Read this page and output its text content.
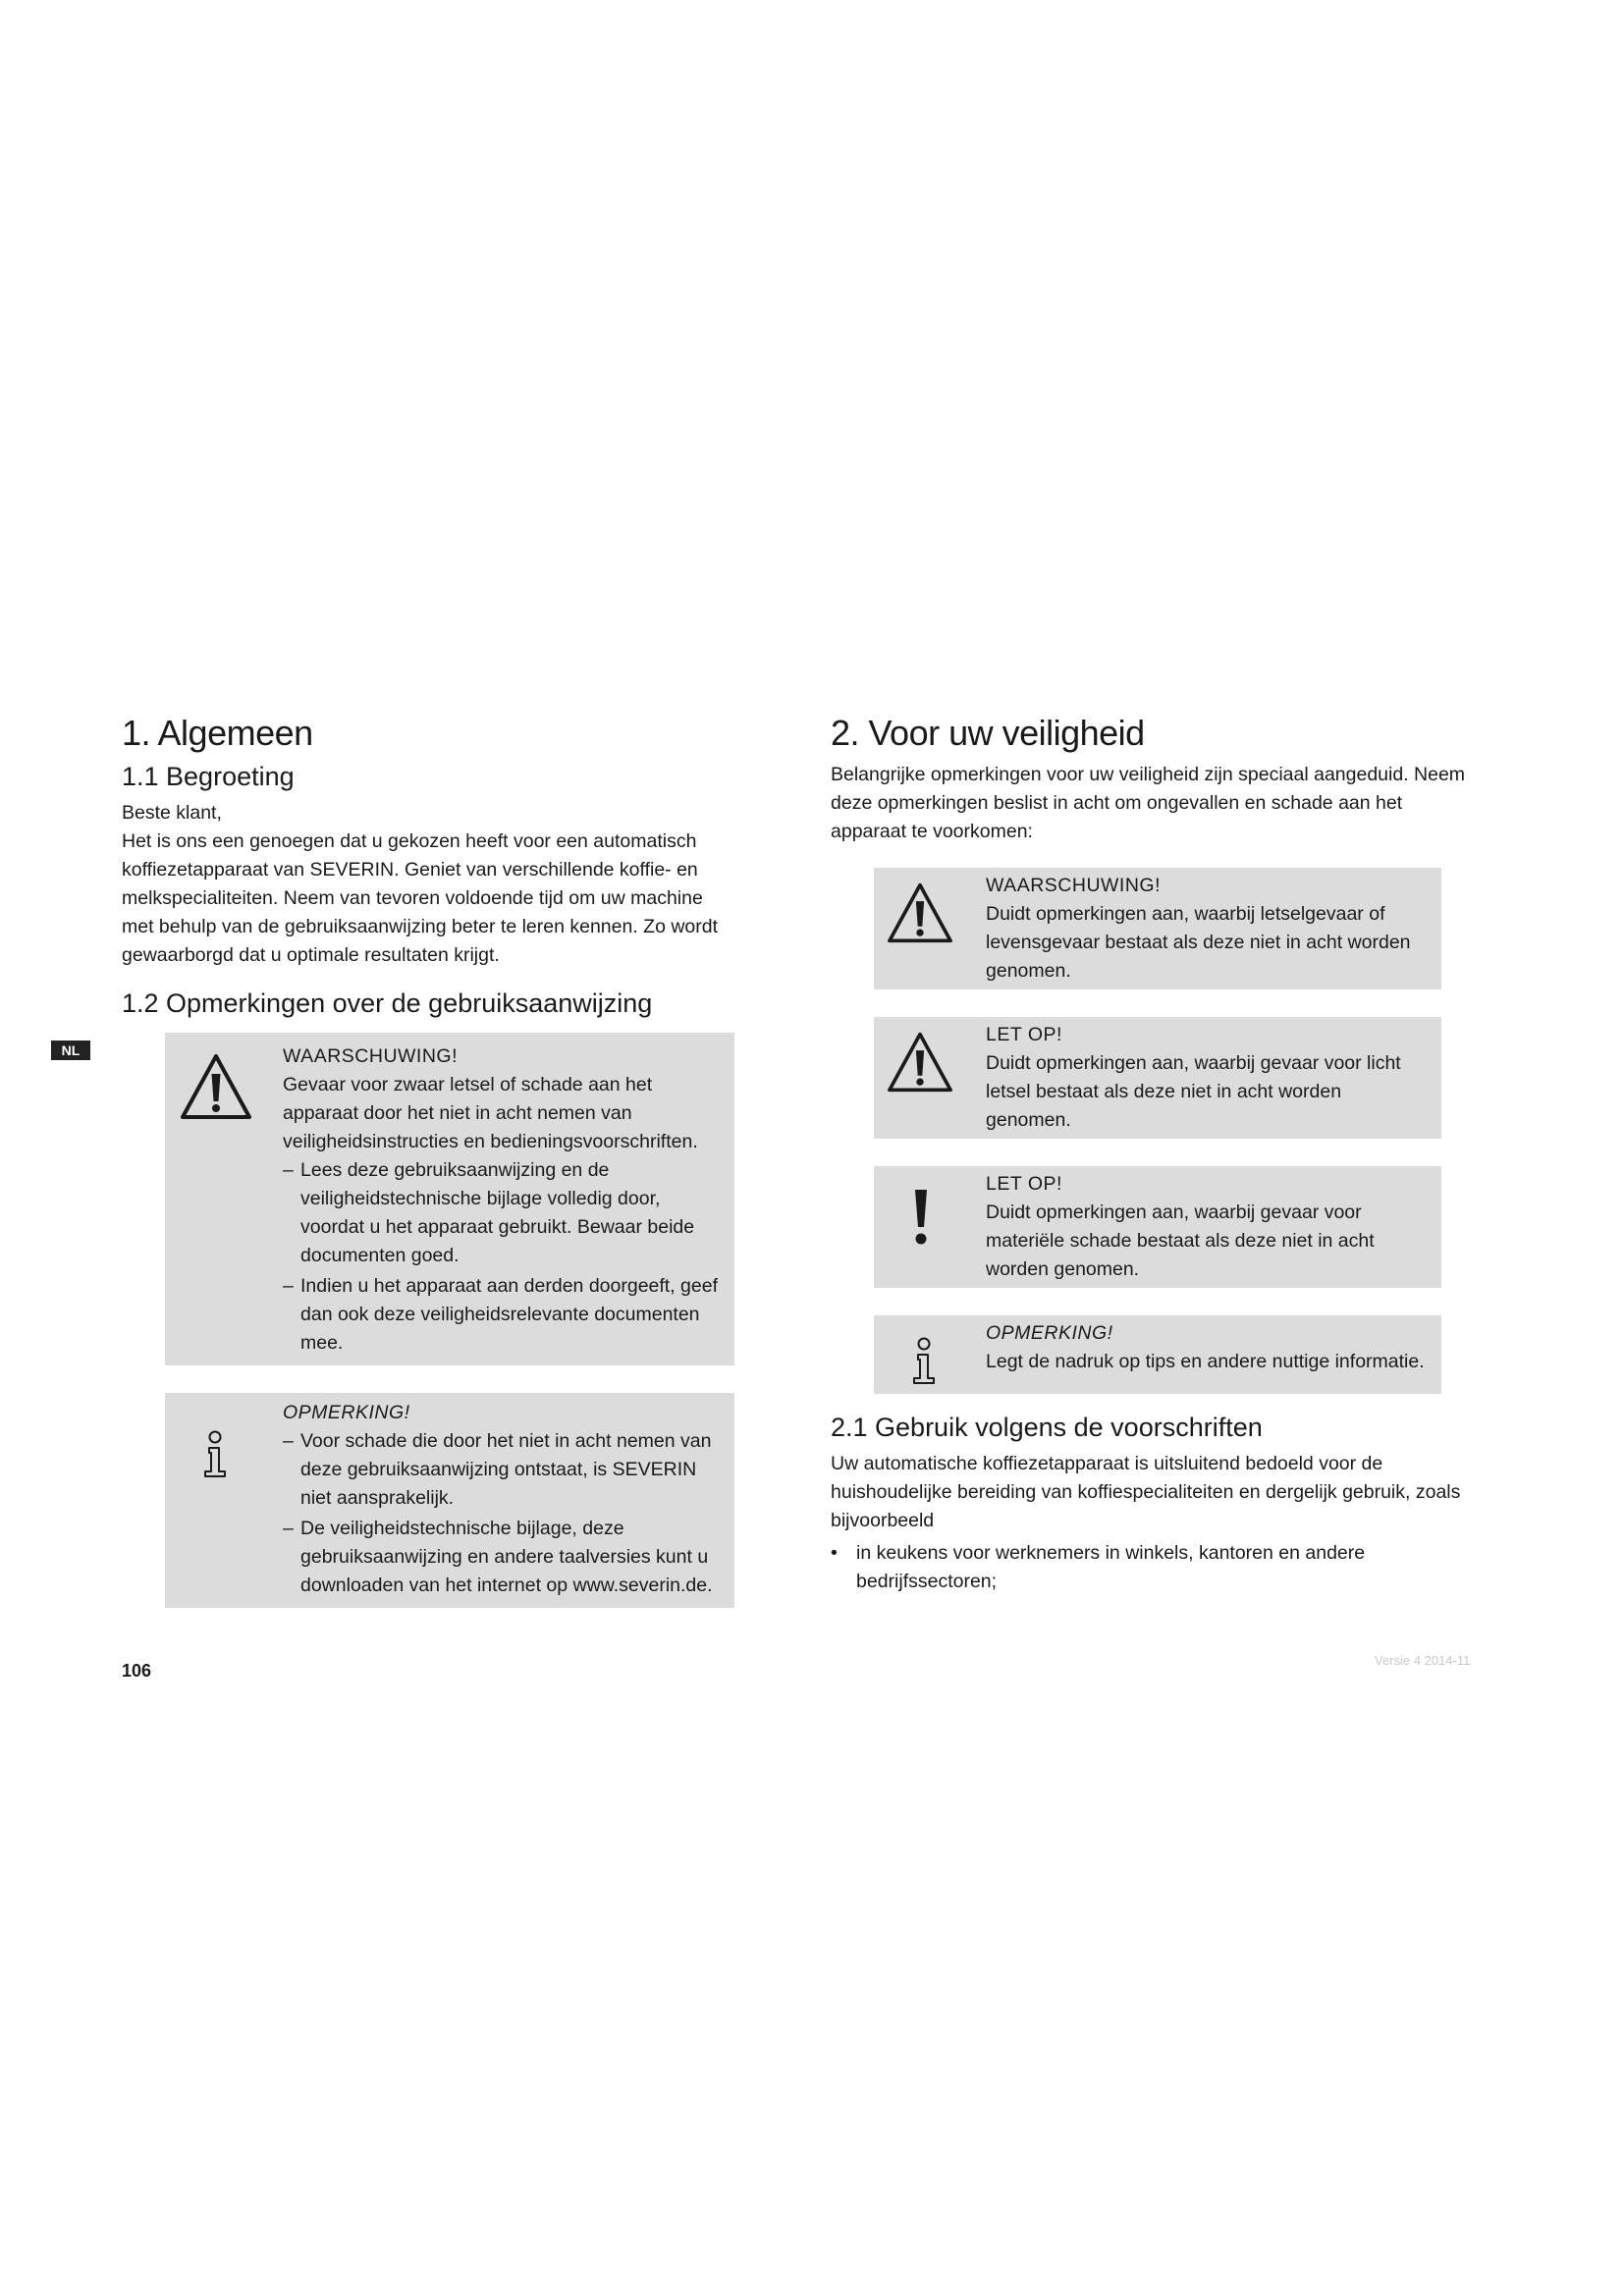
NL
1. Algemeen
1.1 Begroeting

Beste klant,

Het is ons een genoegen dat u gekozen heeft voor een automatisch koffiezetapparaat van SEVERIN. Geniet van verschillende koffie- en melkspecialiteiten. Neem van tevoren voldoende tijd om uw machine met behulp van de gebruiksaanwijzing beter te leren kennen. Zo wordt gewaarborgd dat u optimale resultaten krijgt.

1.2 Opmerkingen over de gebruiksaanwijzing
WAARSCHUWING!
Gevaar voor zwaar letsel of schade aan het apparaat door het niet in acht nemen van veiligheidsinstructies en bedieningsvoorschriften.
– Lees deze gebruiksaanwijzing en de veiligheidstechnische bijlage volledig door, voordat u het apparaat gebruikt. Bewaar beide documenten goed.
– Indien u het apparaat aan derden doorgeeft, geef dan ook deze veiligheidsrelevante documenten mee.
OPMERKING!
– Voor schade die door het niet in acht nemen van deze gebruiksaanwijzing ontstaat, is SEVERIN niet aansprakelijk.
– De veiligheidstechnische bijlage, deze gebruiksaanwijzing en andere taalversies kunt u downloaden van het internet op www.severin.de.
2. Voor uw veiligheid

Belangrijke opmerkingen voor uw veiligheid zijn speciaal aangeduid. Neem deze opmerkingen beslist in acht om ongevallen en schade aan het apparaat te voorkomen:

WAARSCHUWING!
Duidt opmerkingen aan, waarbij letselgevaar of levensgevaar bestaat als deze niet in acht worden genomen.
LET OP!
Duidt opmerkingen aan, waarbij gevaar voor licht letsel bestaat als deze niet in acht worden genomen.
LET OP!
Duidt opmerkingen aan, waarbij gevaar voor materiële schade bestaat als deze niet in acht worden genomen.
OPMERKING!
Legt de nadruk op tips en andere nuttige informatie.
2.1 Gebruik volgens de voorschriften

Uw automatische koffiezetapparaat is uitsluitend bedoeld voor de huishoudelijke bereiding van koffiespecialiteiten en dergelijk gebruik, zoals bijvoorbeeld

• in keukens voor werknemers in winkels, kantoren en andere bedrijfssectoren;
106
Versie 4 2014-11
